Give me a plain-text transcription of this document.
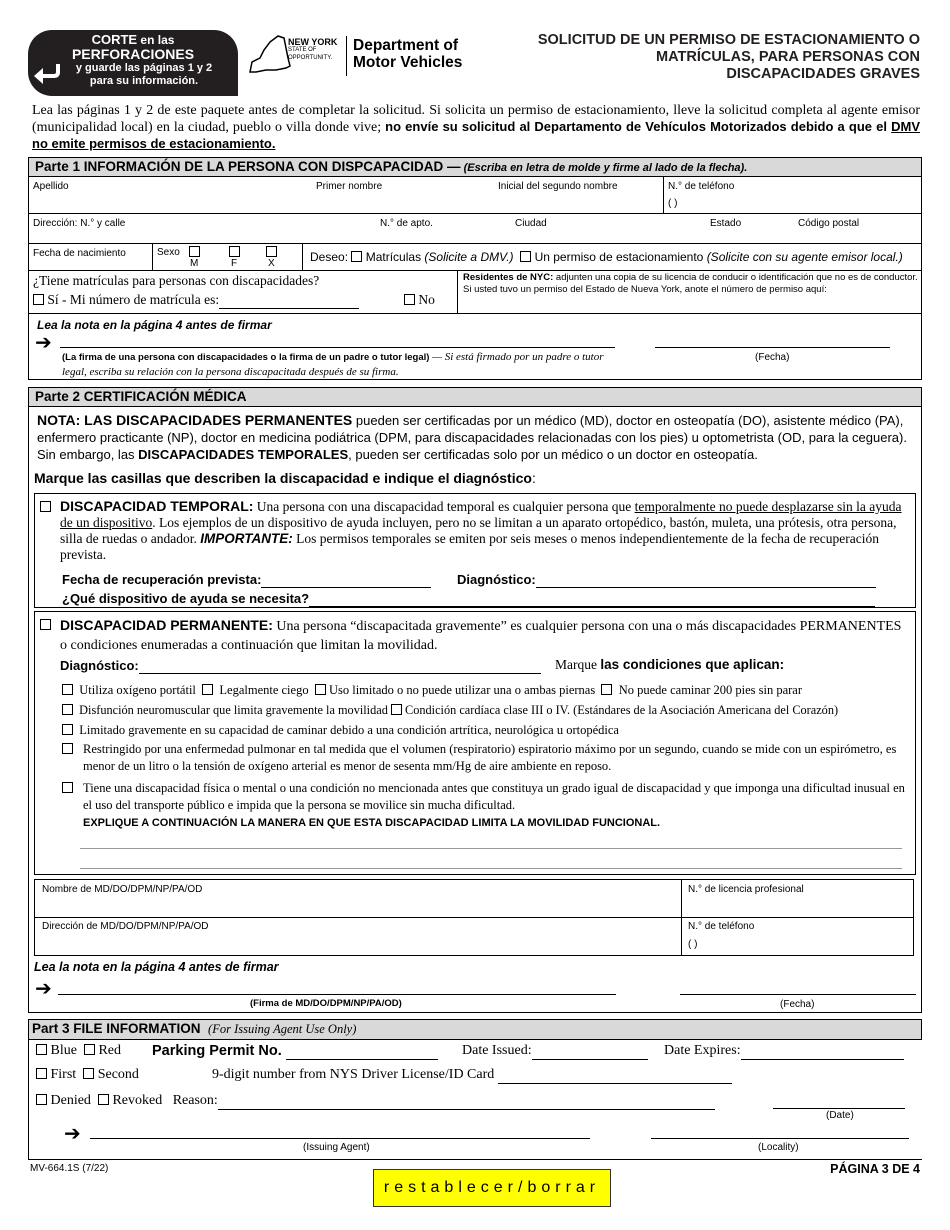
CORTE en las
PERFORACIONES
y guarde las páginas 1 y 2
para su información.
NEW YORK
STATE OF
OPPORTUNITY.
Department of
Motor Vehicles
SOLICITUD DE UN PERMISO DE ESTACIONAMIENTO O
MATRÍCULAS, PARA PERSONAS CON
DISCAPACIDADES GRAVES
Lea las páginas 1 y 2 de este paquete antes de completar la solicitud. Si solicita un permiso de estacionamiento, lleve la solicitud completa al agente emisor (municipalidad local) en la ciudad, pueblo o villa donde vive; no envíe su solicitud al Departamento de Vehículos Motorizados debido a que el DMV no emite permisos de estacionamiento.
Parte 1 INFORMACIÓN DE LA PERSONA CON DISPCAPACIDAD — (Escriba en letra de molde y firme al lado de la flecha).
Apellido	Primer nombre	Inicial del segundo nombre	N.° de teléfono
( )
Dirección: N.° y calle	N.° de apto.	Ciudad	Estado	Código postal
Fecha de nacimiento	Sexo
M	F	X	Deseo: Matrículas (Solicite a DMV.) Un permiso de estacionamiento (Solicite con su agente emisor local.)
¿Tiene matrículas para personas con discapacidades?
Sí - Mi número de matrícula es:	No
Residentes de NYC: adjunten una copia de su licencia de conducir o identificación que no es de conductor. Si usted tuvo un permiso del Estado de Nueva York, anote el número de permiso aquí:
Lea la nota en la página 4 antes de firmar
➔
(La firma de una persona con discapacidades o la firma de un padre o tutor legal) — Si está firmado por un padre o tutor legal, escriba su relación con la persona discapacitada después de su firma.
(Fecha)
Parte 2 CERTIFICACIÓN MÉDICA
NOTA: LAS DISCAPACIDADES PERMANENTES pueden ser certificadas por un médico (MD), doctor en osteopatía (DO), asistente médico (PA), enfermero practicante (NP), doctor en medicina podiátrica (DPM, para discapacidades relacionadas con los pies) u optometrista (OD, para la ceguera). Sin embargo, las DISCAPACIDADES TEMPORALES, pueden ser certificadas solo por un médico o un doctor en osteopatía.
Marque las casillas que describen la discapacidad e indique el diagnóstico:
DISCAPACIDAD TEMPORAL: Una persona con una discapacidad temporal es cualquier persona que temporalmente no puede desplazarse sin la ayuda de un dispositivo. Los ejemplos de un dispositivo de ayuda incluyen, pero no se limitan a un aparato ortopédico, bastón, muleta, una prótesis, otra persona, silla de ruedas o andador. IMPORTANTE: Los permisos temporales se emiten por seis meses o menos independientemente de la fecha de recuperación prevista.
Fecha de recuperación prevista:	Diagnóstico:
¿Qué dispositivo de ayuda se necesita?
DISCAPACIDAD PERMANENTE: Una persona “discapacitada gravemente” es cualquier persona con una o más discapacidades PERMANENTES o condiciones enumeradas a continuación que limitan la movilidad.
Diagnóstico:	Marque las condiciones que aplican:
Utiliza oxígeno portátil Legalmente ciego Uso limitado o no puede utilizar una o ambas piernas No puede caminar 200 pies sin parar
Disfunción neuromuscular que limita gravemente la movilidad Condición cardíaca clase III o IV. (Estándares de la Asociación Americana del Corazón)
Limitado gravemente en su capacidad de caminar debido a una condición artrítica, neurológica u ortopédica
Restringido por una enfermedad pulmonar en tal medida que el volumen (respiratorio) espiratorio máximo por un segundo, cuando se mide con un espirómetro, es menor de un litro o la tensión de oxígeno arterial es menor de sesenta mm/Hg de aire ambiente en reposo.
Tiene una discapacidad física o mental o una condición no mencionada antes que constituya un grado igual de discapacidad y que imponga una dificultad inusual en el uso del transporte público e impida que la persona se movilice sin mucha dificultad.
EXPLIQUE A CONTINUACIÓN LA MANERA EN QUE ESTA DISCAPACIDAD LIMITA LA MOVILIDAD FUNCIONAL.
Nombre de MD/DO/DPM/NP/PA/OD	N.° de licencia profesional
Dirección de MD/DO/DPM/NP/PA/OD	N.° de teléfono
( )
Lea la nota en la página 4 antes de firmar
➔
(Firma de MD/DO/DPM/NP/PA/OD)	(Fecha)
Part 3 FILE INFORMATION (For Issuing Agent Use Only)
Blue Red Parking Permit No.	Date Issued:	Date Expires:
First Second	9-digit number from NYS Driver License/ID Card
Denied Revoked Reason:
(Date)
➔
(Issuing Agent)	(Locality)
MV-664.1S (7/22)	PÁGINA 3 DE 4
restablecer/borrar
